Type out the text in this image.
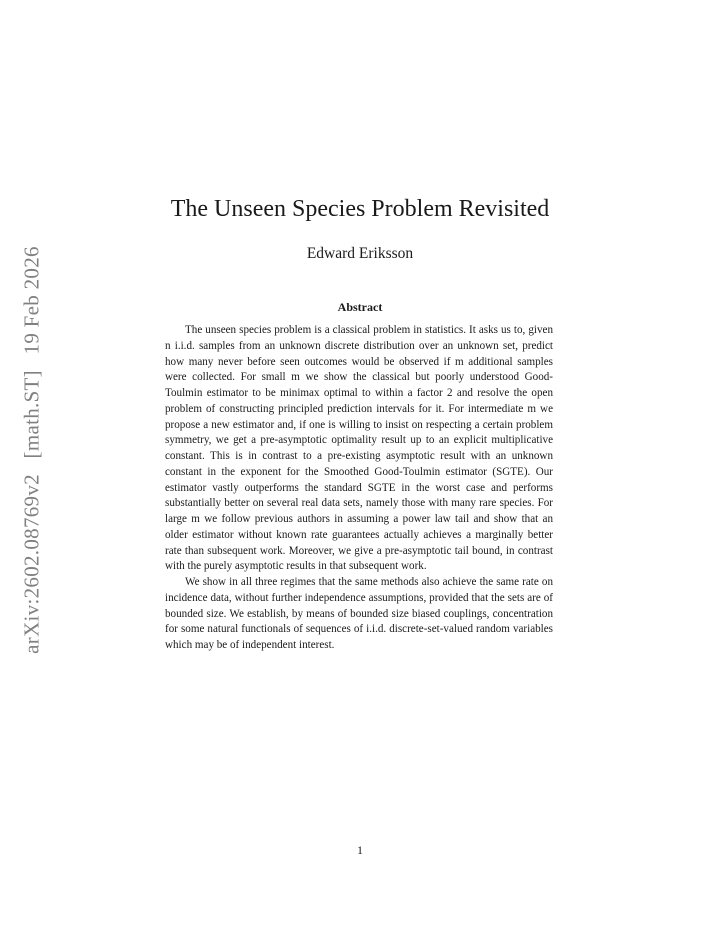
arXiv:2602.08769v2 [math.ST] 19 Feb 2026
The Unseen Species Problem Revisited
Edward Eriksson
Abstract

The unseen species problem is a classical problem in statistics. It asks us to, given n i.i.d. samples from an unknown discrete distribution over an unknown set, predict how many never before seen outcomes would be observed if m additional samples were collected. For small m we show the classical but poorly understood Good-Toulmin estimator to be minimax optimal to within a factor 2 and resolve the open problem of constructing principled prediction intervals for it. For intermediate m we propose a new estimator and, if one is willing to insist on respecting a certain problem symmetry, we get a pre-asymptotic optimality result up to an explicit multiplicative constant. This is in contrast to a pre-existing asymptotic result with an unknown constant in the exponent for the Smoothed Good-Toulmin estimator (SGTE). Our estimator vastly outperforms the standard SGTE in the worst case and performs substantially better on several real data sets, namely those with many rare species. For large m we follow previous authors in assuming a power law tail and show that an older estimator without known rate guarantees actually achieves a marginally better rate than subsequent work. Moreover, we give a pre-asymptotic tail bound, in contrast with the purely asymptotic results in that subsequent work.

We show in all three regimes that the same methods also achieve the same rate on incidence data, without further independence assumptions, provided that the sets are of bounded size. We establish, by means of bounded size biased couplings, concentration for some natural functionals of sequences of i.i.d. discrete-set-valued random variables which may be of independent interest.

1
